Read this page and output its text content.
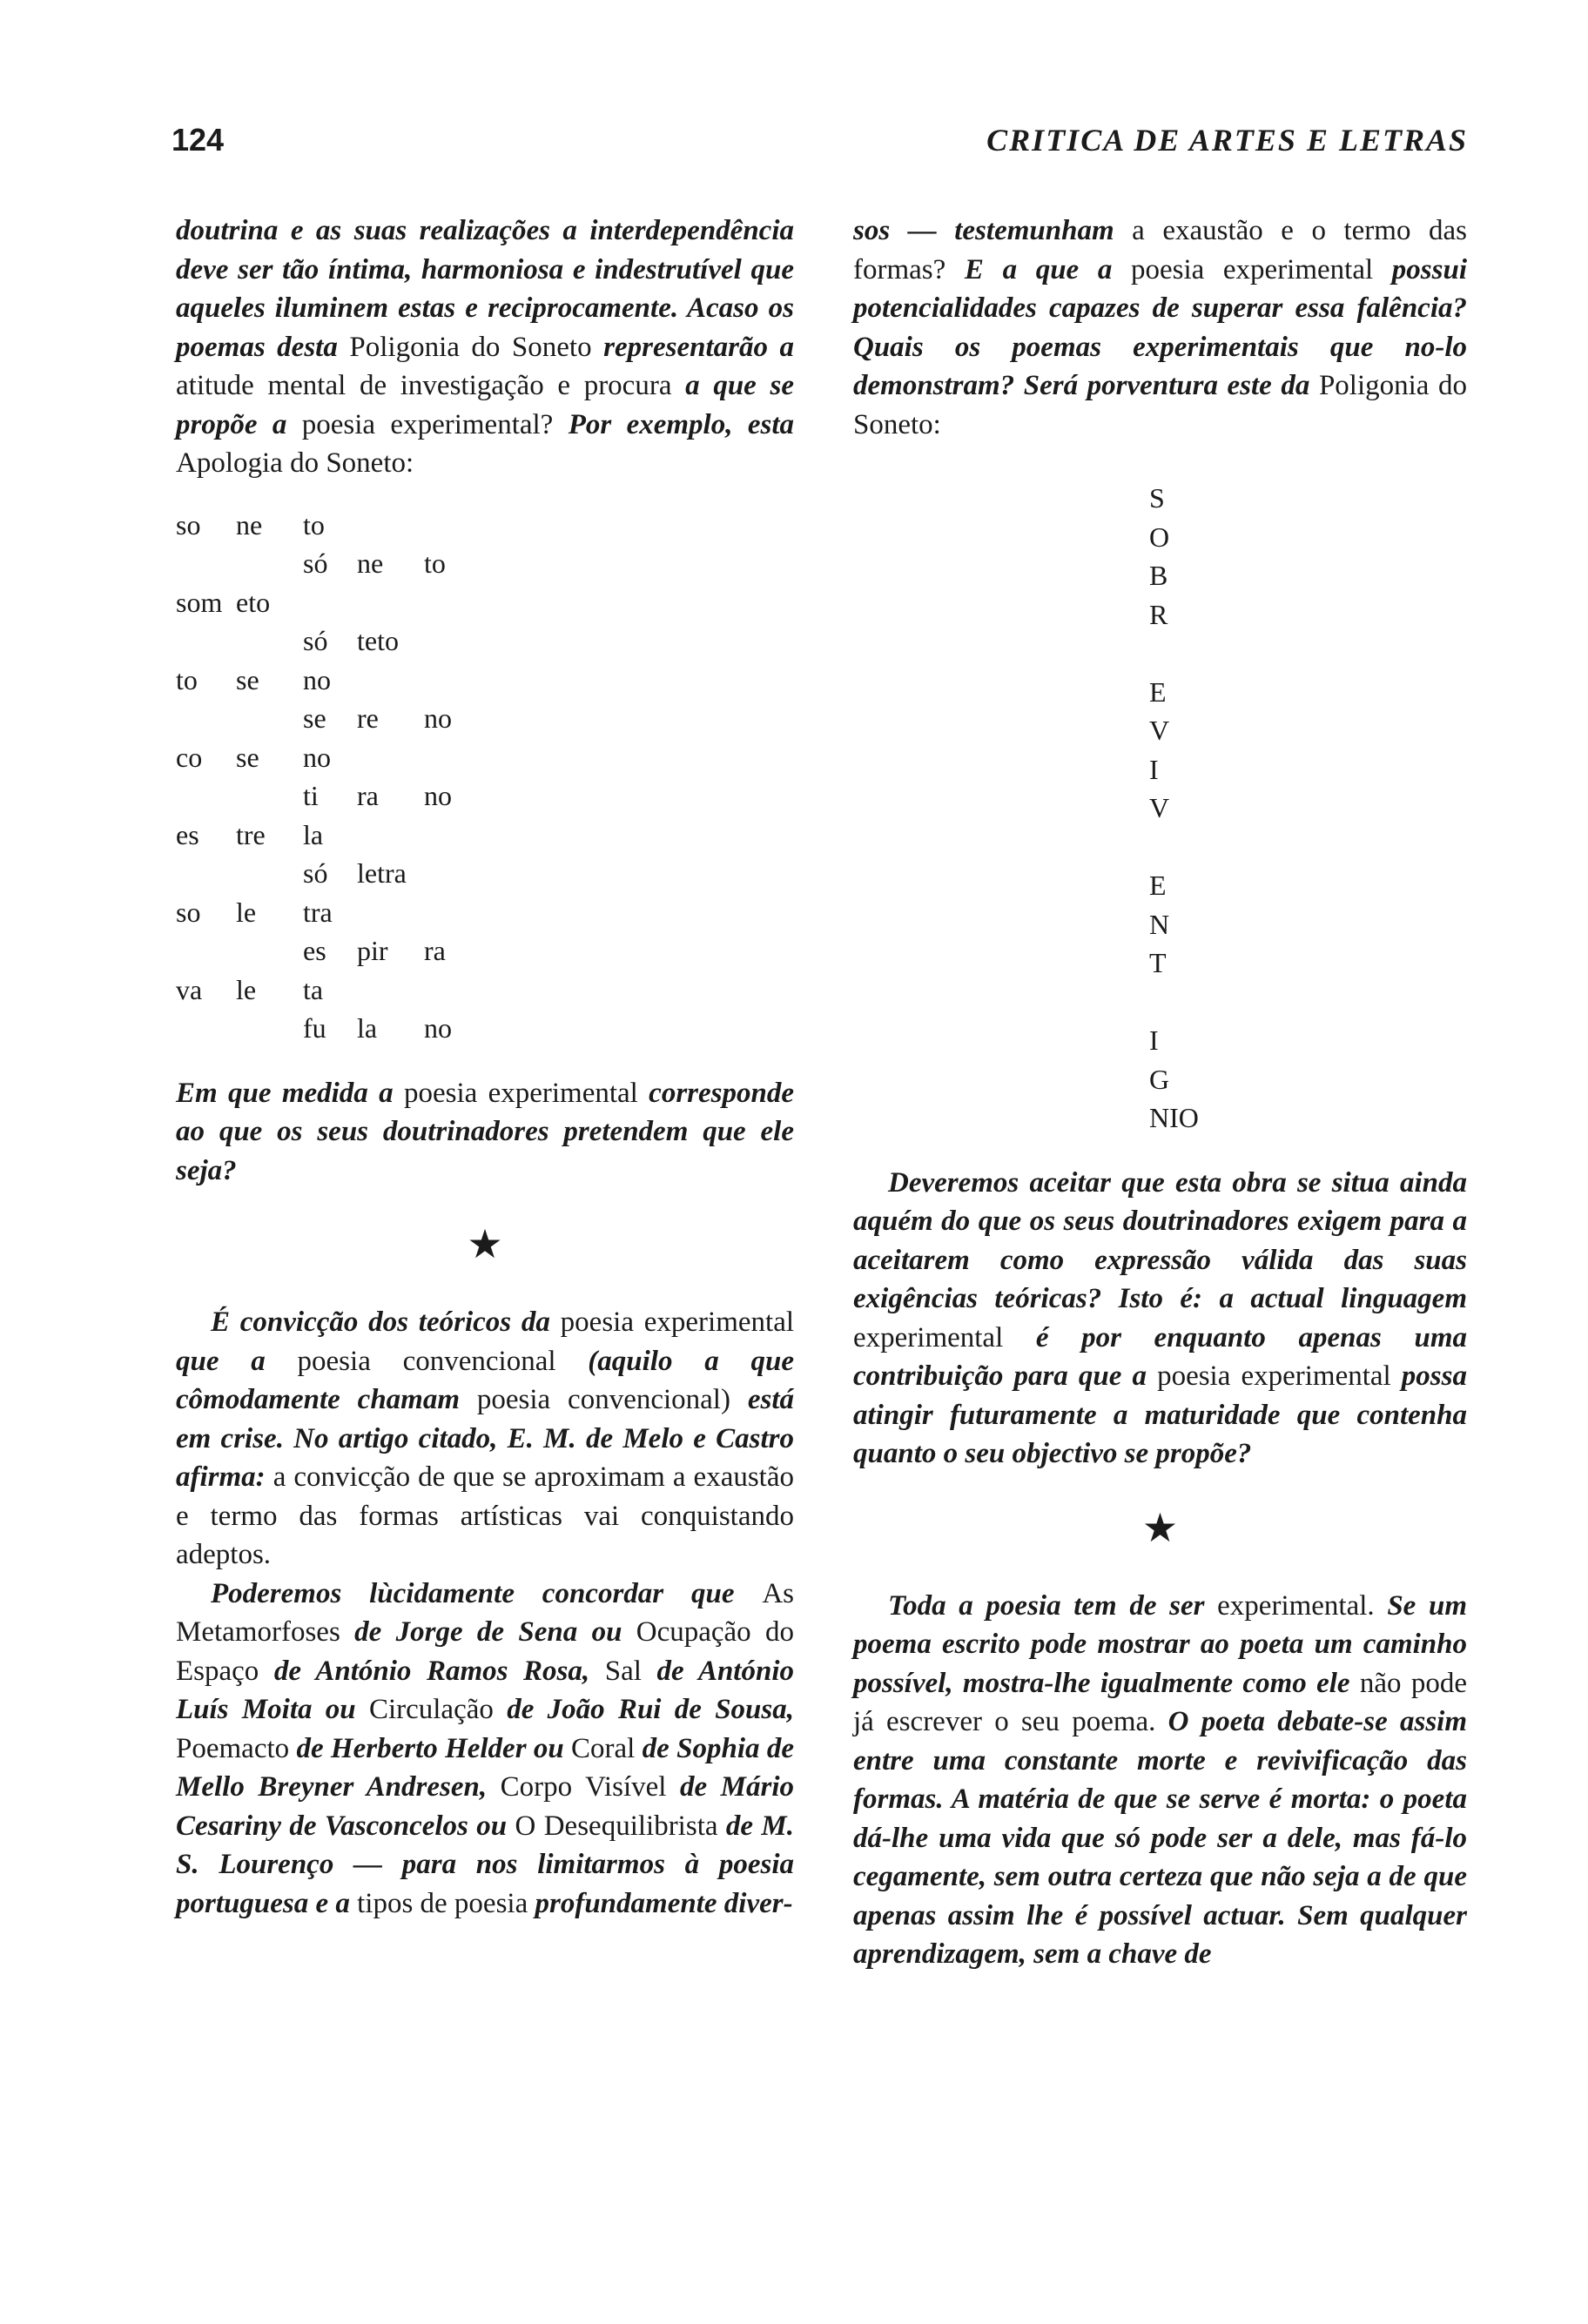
124	CRITICA DE ARTES E LETRAS

doutrina e as suas realizações a interdependência deve ser tão íntima, harmoniosa e indestrutível que aqueles iluminem estas e reciprocamente. Acaso os poemas desta Poligonia do Soneto representarão a atitude mental de investigação e procura a que se propõe a poesia experimental? Por exemplo, esta Apologia do Soneto:

so	ne	to
só	ne	to
som eto
só	teto
to	se	no
se	re	no
co	se	no
ti	ra	no
es	tre	la
só	letra
so	le	tra
es	pir	ra
va	le	ta
fu	la	no

Em que medida a poesia experimental corresponde ao que os seus doutrinadores pretendem que ele seja?

★

É convicção dos teóricos da poesia experimental que a poesia convencional (aquilo a que cômodamente chamam poesia convencional) está em crise. No artigo citado, E. M. de Melo e Castro afirma: a convicção de que se aproximam a exaustão e termo das formas artísticas vai conquistando adeptos.

Poderemos lùcidamente concordar que As Metamorfoses de Jorge de Sena ou Ocupação do Espaço de António Ramos Rosa, Sal de António Luís Moita ou Circulação de João Rui de Sousa, Poemacto de Herberto Helder ou Coral de Sophia de Mello Breyner Andresen, Corpo Visível de Mário Cesariny de Vasconcelos ou O Desequilibrista de M. S. Lourenço — para nos limitarmos à poesia portuguesa e a tipos de poesia profundamente diver-

sos — testemunham a exaustão e o termo das formas? E a que a poesia experimental possui potencialidades capazes de superar essa falência? Quais os poemas experimentais que no-lo demonstram? Será porventura este da Poligonia do Soneto:

S
O
B
R
E
V
I
V
E
N
T
I
G
NIO

Deveremos aceitar que esta obra se situa ainda aquém do que os seus doutrinadores exigem para a aceitarem como expressão válida das suas exigências teóricas? Isto é: a actual linguagem experimental é por enquanto apenas uma contribuição para que a poesia experimental possa atingir futuramente a maturidade que contenha quanto o seu objectivo se propõe?

★

Toda a poesia tem de ser experimental. Se um poema escrito pode mostrar ao poeta um caminho possível, mostra-lhe igualmente como ele não pode já escrever o seu poema. O poeta debate-se assim entre uma constante morte e revivificação das formas. A matéria de que se serve é morta: o poeta dá-lhe uma vida que só pode ser a dele, mas fá-lo cegamente, sem outra certeza que não seja a de que apenas assim lhe é possível actuar. Sem qualquer aprendizagem, sem a chave de
